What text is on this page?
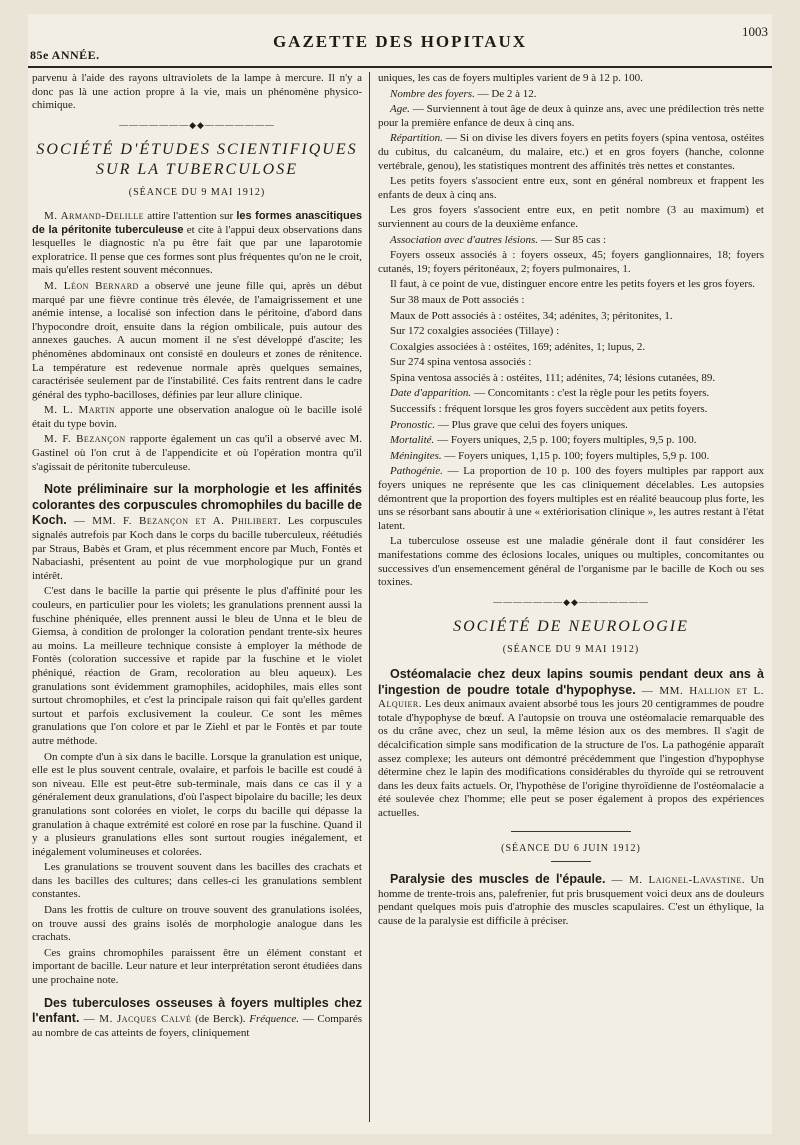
85e ANNÉE.
GAZETTE DES HOPITAUX
1003

parvenu à l'aide des rayons ultraviolets de la lampe à mercure. Il n'y a donc pas là une action propre à la vie, mais un phénomène physico-chimique.

———————◆◆———————
SOCIÉTÉ D'ÉTUDES SCIENTIFIQUES
SUR LA TUBERCULOSE
(SÉANCE DU 9 MAI 1912)

M. Armand-Delille attire l'attention sur les formes anascitiques de la péritonite tuberculeuse et cite à l'appui deux observations dans lesquelles le diagnostic n'a pu être fait que par une laparotomie exploratrice. Il pense que ces formes sont plus fréquentes qu'on ne le croit, mais qu'elles restent souvent méconnues.

M. Léon Bernard a observé une jeune fille qui, après un début marqué par une fièvre continue très élevée, de l'amaigrissement et une anémie intense, a localisé son infection dans le péritoine, d'abord dans l'hypocondre droit, ensuite dans la région ombilicale, puis autour des annexes gauches. A aucun moment il ne s'est développé d'ascite; les phénomènes abdominaux ont consisté en douleurs et zones de rénitence. La température est redevenue normale après quelques semaines, caractérisée seulement par de l'instabilité. Ces faits rentrent dans le cadre général des typho-bacilloses, définies par leur allure clinique.

M. L. Martin apporte une observation analogue où le bacille isolé était du type bovin.

M. F. Bezançon rapporte également un cas qu'il a observé avec M. Gastinel où l'on crut à de l'appendicite et où l'opération montra qu'il s'agissait de péritonite tuberculeuse.

Note préliminaire sur la morphologie et les affinités colorantes des corpuscules chromophiles du bacille de Koch. — MM. F. Bezançon et A. Philibert. Les corpuscules signalés autrefois par Koch dans le corps du bacille tuberculeux, réétudiés par Straus, Babès et Gram, et plus récemment encore par Much, Fontès et Nabaciashi, présentent au point de vue morphologique pur un grand intérêt.

C'est dans le bacille la partie qui présente le plus d'affinité pour les couleurs, en particulier pour les violets; les granulations prennent aussi la fuschine phéniquée, elles prennent aussi le bleu de Unna et le bleu de Giemsa, à condition de prolonger la coloration pendant trente-six heures au moins. La meilleure technique consiste à employer la méthode de Fontès (coloration successive et rapide par la fuschine et le violet phéniqué, réaction de Gram, recoloration au bleu aqueux). Les granulations sont évidemment gramophiles, acidophiles, mais elles sont surtout chromophiles, et c'est la principale raison qui fait qu'elles gardent surtout et parfois exclusivement la couleur. Ce sont les mêmes granulations que l'on colore et par le Ziehl et par le Fontès et par toute autre méthode.

On compte d'un à six dans le bacille. Lorsque la granulation est unique, elle est le plus souvent centrale, ovalaire, et parfois le bacille est coudé à son niveau. Elle est peut-être sub-terminale, mais dans ce cas il y a généralement deux granulations, d'où l'aspect bipolaire du bacille; les deux granulations sont colorées en violet, le corps du bacille qui dépasse la granulation à chaque extrémité est coloré en rose par la fuschine. Quand il y a plusieurs granulations elles sont surtout rougies inégalement, et inégalement volumineuses et colorées.

Les granulations se trouvent souvent dans les bacilles des crachats et dans les bacilles des cultures; dans celles-ci les granulations semblent constantes.

Dans les frottis de culture on trouve souvent des granulations isolées, on trouve aussi des grains isolés de morphologie analogue dans les crachats.

Ces grains chromophiles paraissent être un élément constant et important de bacille. Leur nature et leur interprétation seront étudiées dans une prochaine note.

Des tuberculoses osseuses à foyers multiples chez l'enfant. — M. Jacques Calvé (de Berck). Fréquence. — Comparés au nombre de cas atteints de foyers, cliniquement

uniques, les cas de foyers multiples varient de 9 à 12 p. 100.

Nombre des foyers. — De 2 à 12.

Age. — Surviennent à tout âge de deux à quinze ans, avec une prédilection très nette pour la première enfance de deux à cinq ans.

Répartition. — Si on divise les divers foyers en petits foyers (spina ventosa, ostéites du cubitus, du calcanéum, du malaire, etc.) et en gros foyers (hanche, colonne vertébrale, genou), les statistiques montrent des affinités très nettes et constantes.

Les petits foyers s'associent entre eux, sont en général nombreux et frappent les enfants de deux à cinq ans.

Les gros foyers s'associent entre eux, en petit nombre (3 au maximum) et surviennent au cours de la deuxième enfance.

Association avec d'autres lésions. — Sur 85 cas :

Foyers osseux associés à : foyers osseux, 45; foyers ganglionnaires, 18; foyers cutanés, 19; foyers péritonéaux, 2; foyers pulmonaires, 1.

Il faut, à ce point de vue, distinguer encore entre les petits foyers et les gros foyers.

Sur 38 maux de Pott associés :

Maux de Pott associés à : ostéites, 34; adénites, 3; péritonites, 1.

Sur 172 coxalgies associées (Tillaye) :

Coxalgies associées à : ostéites, 169; adénites, 1; lupus, 2.

Sur 274 spina ventosa associés :

Spina ventosa associés à : ostéites, 111; adénites, 74; lésions cutanées, 89.

Date d'apparition. — Concomitants : c'est la règle pour les petits foyers.

Successifs : fréquent lorsque les gros foyers succèdent aux petits foyers.

Pronostic. — Plus grave que celui des foyers uniques.

Mortalité. — Foyers uniques, 2,5 p. 100; foyers multiples, 9,5 p. 100.

Méningites. — Foyers uniques, 1,15 p. 100; foyers multiples, 5,9 p. 100.

Pathogénie. — La proportion de 10 p. 100 des foyers multiples par rapport aux foyers uniques ne représente que les cas cliniquement décelables. Les autopsies démontrent que la proportion des foyers multiples est en réalité beaucoup plus forte, les uns se résorbant sans aboutir à une « extériorisation clinique », les autres restant à l'état latent.

La tuberculose osseuse est une maladie générale dont il faut considérer les manifestations comme des éclosions locales, uniques ou multiples, concomitantes ou successives d'un ensemencement général de l'organisme par le bacille de Koch ou ses toxines.

———————◆◆———————
SOCIÉTÉ DE NEUROLOGIE
(SÉANCE DU 9 MAI 1912)

Ostéomalacie chez deux lapins soumis pendant deux ans à l'ingestion de poudre totale d'hypophyse. — MM. Hallion et L. Alquier. Les deux animaux avaient absorbé tous les jours 20 centigrammes de poudre totale d'hypophyse de bœuf. A l'autopsie on trouva une ostéomalacie remarquable des os du crâne avec, chez un seul, la même lésion aux os des membres. Il s'agit de décalcification simple sans modification de la structure de l'os. La pathogénie apparaît assez complexe; les auteurs ont démontré précédemment que l'ingestion d'hypophyse détermine chez le lapin des modifications considérables du thyroïde qui se retrouvent dans les deux faits actuels. Or, l'hypothèse de l'origine thyroïdienne de l'ostéomalacie a été soulevée chez l'homme; elle peut se poser également à propos des expériences actuelles.

(SÉANCE DU 6 JUIN 1912)

Paralysie des muscles de l'épaule. — M. Laignel-Lavastine. Un homme de trente-trois ans, palefrenier, fut pris brusquement voici deux ans de douleurs pendant quelques mois puis d'atrophie des muscles scapulaires. C'est un éthylique, la cause de la paralysie est difficile à préciser.
